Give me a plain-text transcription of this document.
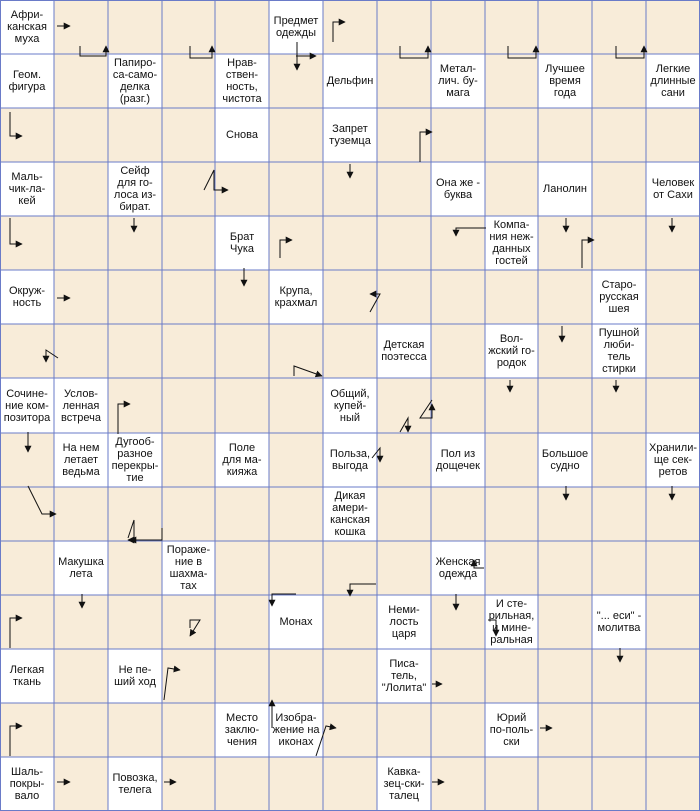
Афри-
канская
муха
Предмет
одежды
Геом.
фигура
Папиро-
са-само-
делка
(разг.)
Нрав-
ствен-
ность,
чистота
Дельфин
Метал-
лич. бу-
мага
Лучшее
время
года
Легкие
длинные
сани
Снова	Запрет
туземца
Маль-
чик-ла-
кей
Сейф
для го-
лоса из-
бират.
Она же -
буква	Ланолин	Человек
от Сахи
Брат
Чука
Компа-
ния неж-
данных
гостей
Окруж-
ность
Крупа,
крахмал
Старо-
русская
шея
Детская
поэтесса
Вол-
жский го-
родок
Пушной
люби-
тель
стирки
Сочине-
ние ком-
позитора
Услов-
ленная
встреча
Общий,
купей-
ный
На нем
летает
ведьма
Дугооб-
разное
перекры-
тие
Поле
для ма-
кияжа
Польза,
выгода
Пол из
дощечек
Большое
судно
Хранили-
ще сек-
ретов
Дикая
амери-
канская
кошка
Макушка
лета
Пораже-
ние в
шахма-
тах
Женская
одежда
Монах
Неми-
лость
царя
И сте-
рильная,
и мине-
ральная
"... еси" -
молитва
Легкая
ткань
Не пе-
ший ход
Писа-
тель,
"Лолита"
Место
заклю-
чения
Изобра-
жение на
иконах
Юрий
по-поль-
ски
Шаль-
покры-
вало
Повозка,
телега
Кавка-
зец-ски-
талец
